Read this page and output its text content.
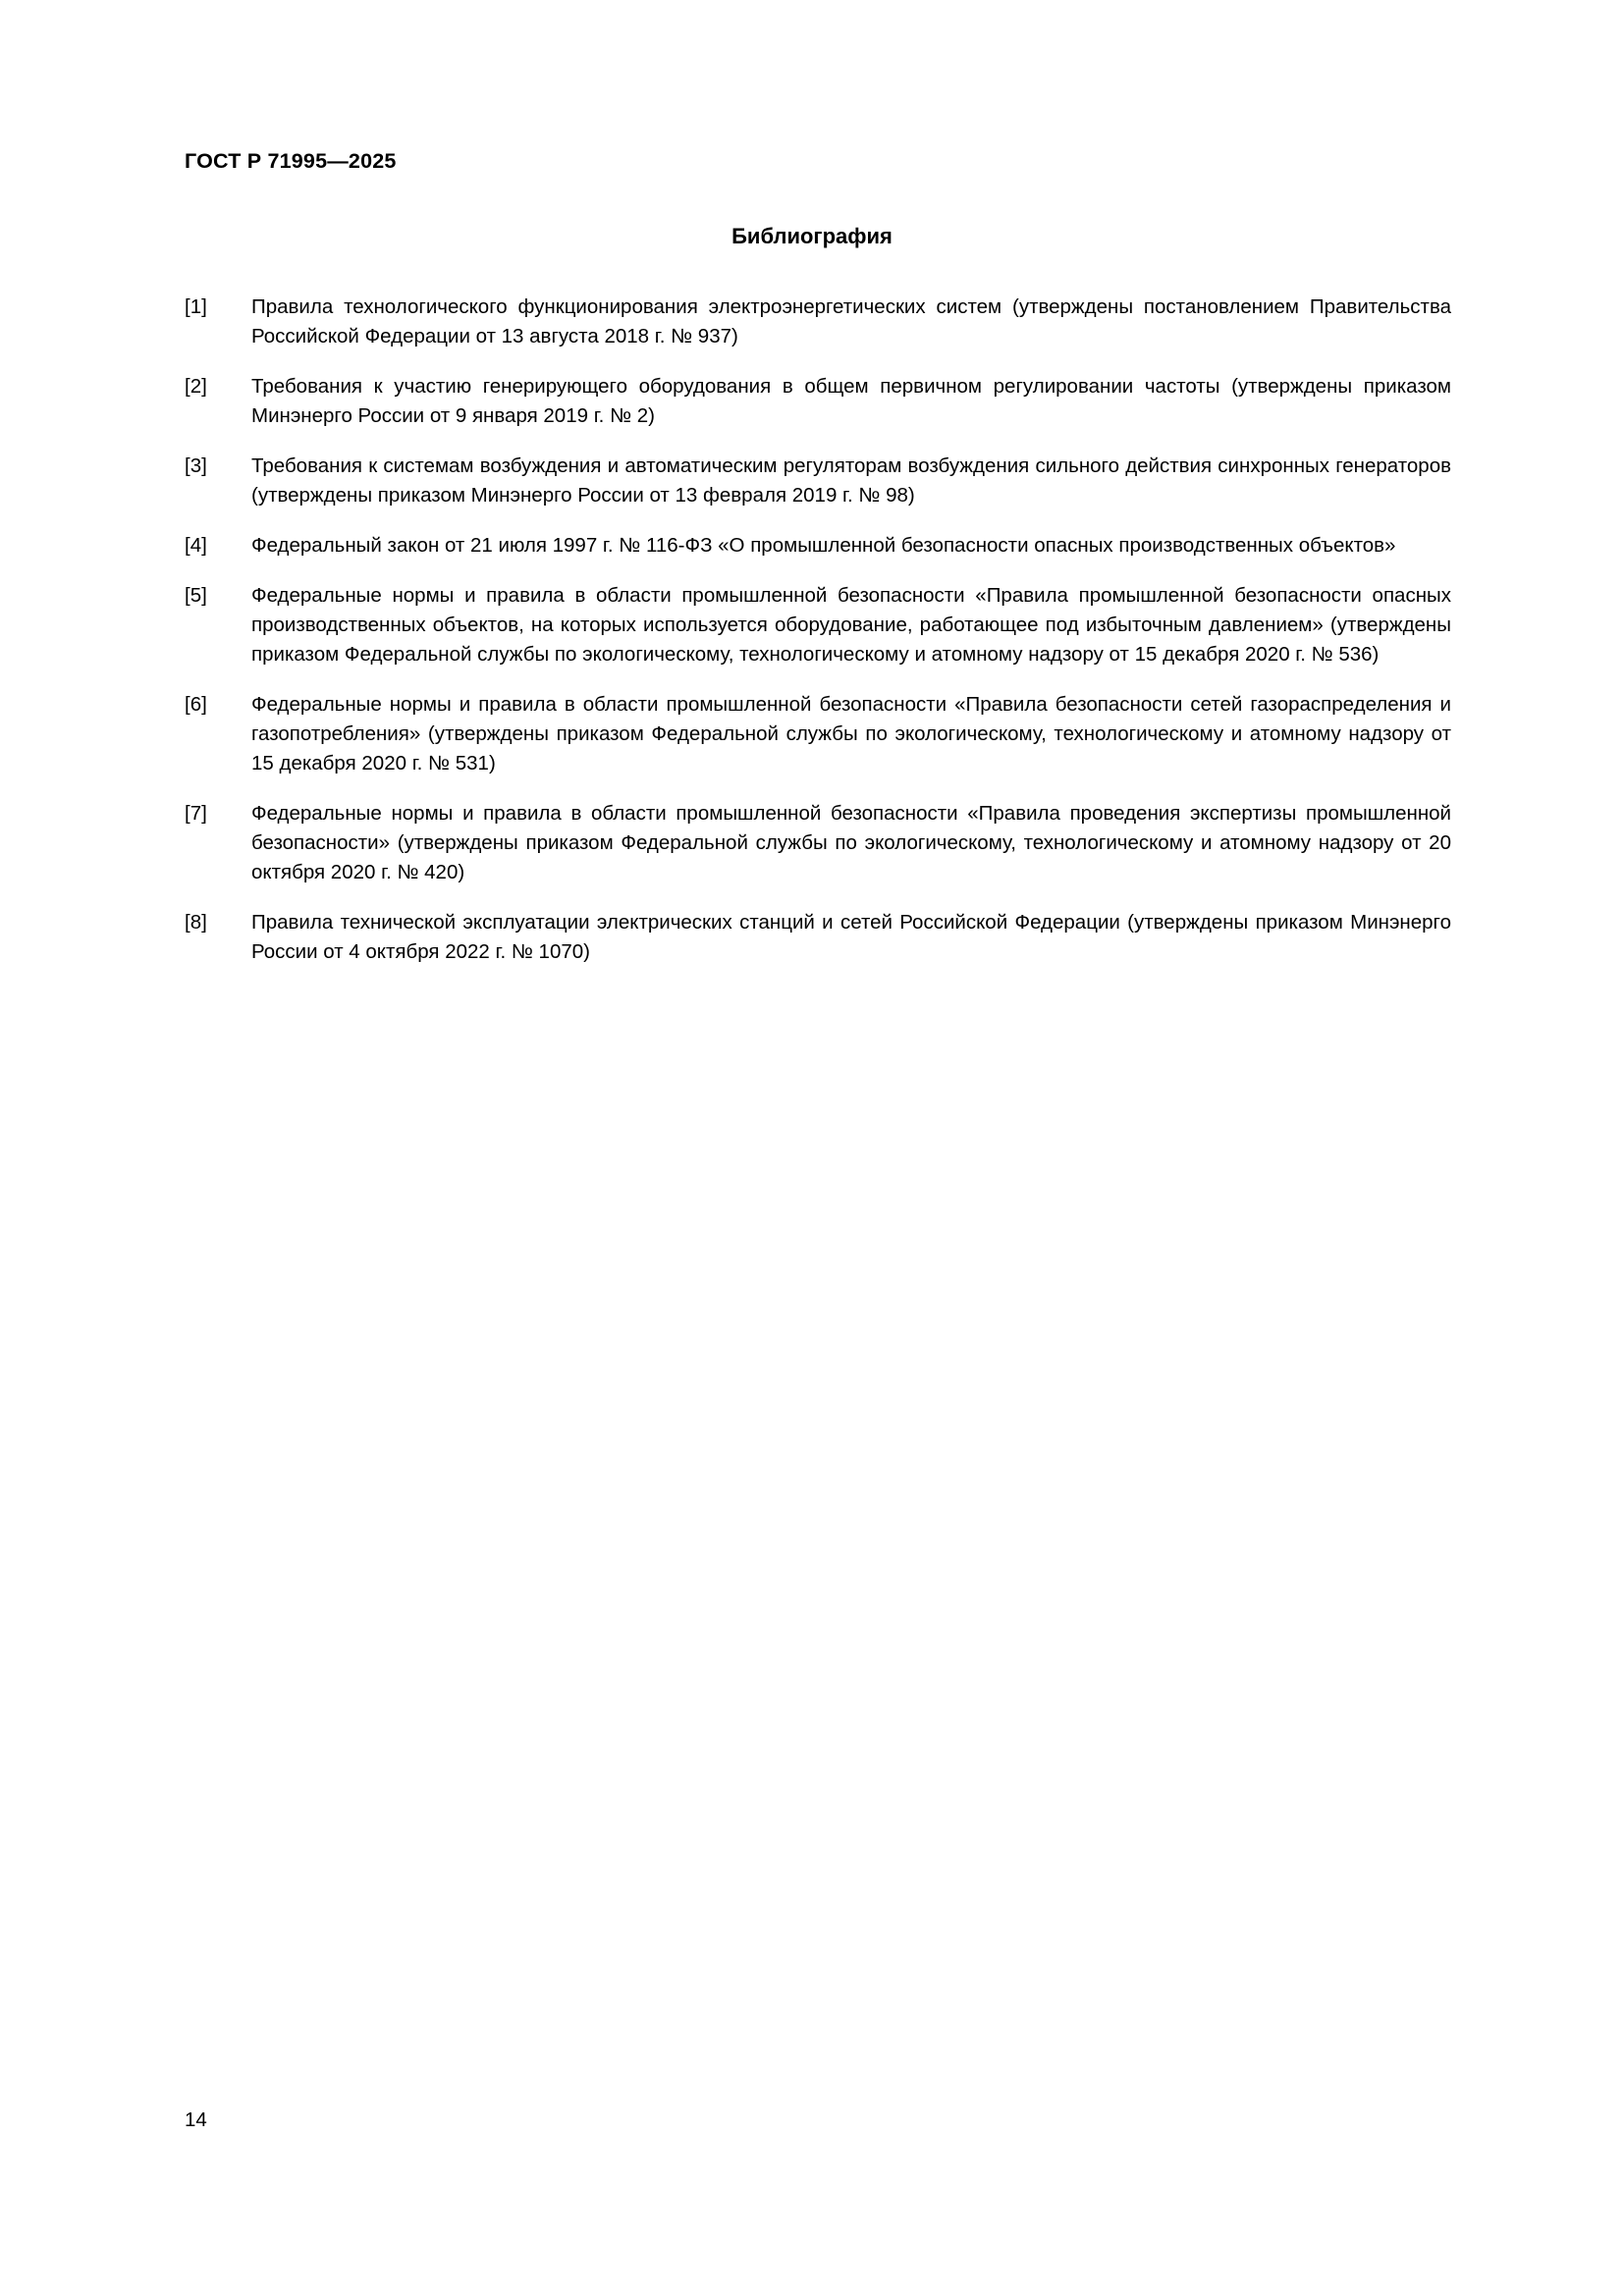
ГОСТ Р 71995—2025
Библиография
[1]	Правила технологического функционирования электроэнергетических систем (утверждены постановлением Правительства Российской Федерации от 13 августа 2018 г. № 937)
[2]	Требования к участию генерирующего оборудования в общем первичном регулировании частоты (утверждены приказом Минэнерго России от 9 января 2019 г. № 2)
[3]	Требования к системам возбуждения и автоматическим регуляторам возбуждения сильного действия синхронных генераторов (утверждены приказом Минэнерго России от 13 февраля 2019 г. № 98)
[4]	Федеральный закон от 21 июля 1997 г. № 116-ФЗ «О промышленной безопасности опасных производственных объектов»
[5]	Федеральные нормы и правила в области промышленной безопасности «Правила промышленной безопасности опасных производственных объектов, на которых используется оборудование, работающее под избыточным давлением» (утверждены приказом Федеральной службы по экологическому, технологическому и атомному надзору от 15 декабря 2020 г. № 536)
[6]	Федеральные нормы и правила в области промышленной безопасности «Правила безопасности сетей газораспределения и газопотребления» (утверждены приказом Федеральной службы по экологическому, технологическому и атомному надзору от 15 декабря 2020 г. № 531)
[7]	Федеральные нормы и правила в области промышленной безопасности «Правила проведения экспертизы промышленной безопасности» (утверждены приказом Федеральной службы по экологическому, технологическому и атомному надзору от 20 октября 2020 г. № 420)
[8]	Правила технической эксплуатации электрических станций и сетей Российской Федерации (утверждены приказом Минэнерго России от 4 октября 2022 г. № 1070)
14
